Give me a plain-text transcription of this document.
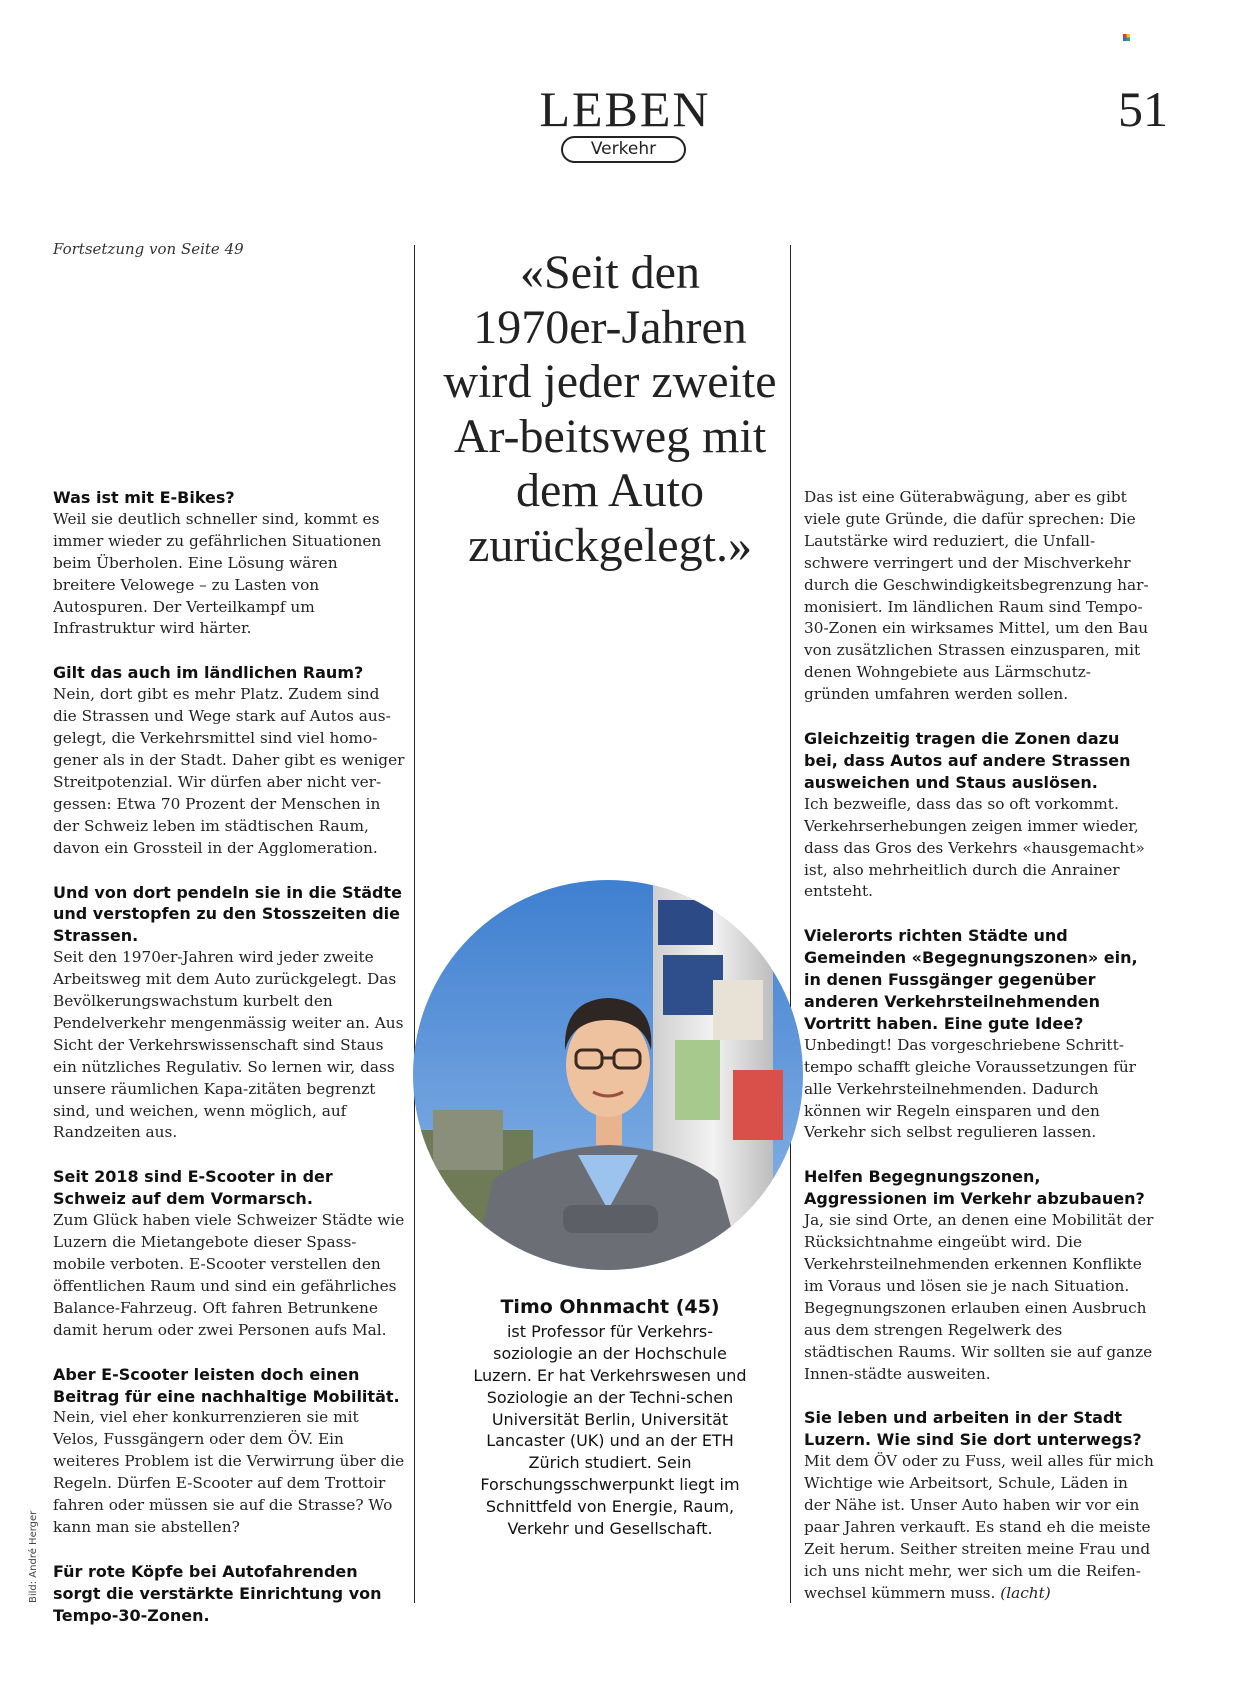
LEBEN
Verkehr
51
Fortsetzung von Seite 49

Was ist mit E-Bikes?

Weil sie deutlich schneller sind, kommt es immer wieder zu gefährlichen Situationen beim Überholen. Eine Lösung wären breitere Velowege – zu Lasten von Autospuren. Der Verteilkampf um Infrastruktur wird härter.

Gilt das auch im ländlichen Raum?

Nein, dort gibt es mehr Platz. Zudem sind die Strassen und Wege stark auf Autos aus-gelegt, die Verkehrsmittel sind viel homo-gener als in der Stadt. Daher gibt es weniger Streitpotenzial. Wir dürfen aber nicht ver-gessen: Etwa 70 Prozent der Menschen in der Schweiz leben im städtischen Raum, davon ein Grossteil in der Agglomeration.

Und von dort pendeln sie in die Städte und verstopfen zu den Stosszeiten die Strassen.

Seit den 1970er-Jahren wird jeder zweite Arbeitsweg mit dem Auto zurückgelegt. Das Bevölkerungswachstum kurbelt den Pendelverkehr mengenmässig weiter an. Aus Sicht der Verkehrswissenschaft sind Staus ein nützliches Regulativ. So lernen wir, dass unsere räumlichen Kapa-zitäten begrenzt sind, und weichen, wenn möglich, auf Randzeiten aus.

Seit 2018 sind E-Scooter in der Schweiz auf dem Vormarsch.

Zum Glück haben viele Schweizer Städte wie Luzern die Mietangebote dieser Spass-mobile verboten. E-Scooter verstellen den öffentlichen Raum und sind ein gefährliches Balance-Fahrzeug. Oft fahren Betrunkene damit herum oder zwei Personen aufs Mal.

Aber E-Scooter leisten doch einen Beitrag für eine nachhaltige Mobilität.

Nein, viel eher konkurrenzieren sie mit Velos, Fussgängern oder dem ÖV. Ein weiteres Problem ist die Verwirrung über die Regeln. Dürfen E-Scooter auf dem Trottoir fahren oder müssen sie auf die Strasse? Wo kann man sie abstellen?

Für rote Köpfe bei Autofahrenden sorgt die verstärkte Einrichtung von Tempo-30-Zonen.

«Seit den 1970er-Jahren wird jeder zweite Ar-beitsweg mit dem Auto zurückgelegt.»
Timo Ohnmacht (45)
ist Professor für Verkehrs-soziologie an der Hochschule Luzern. Er hat Verkehrswesen und Soziologie an der Techni-schen Universität Berlin, Universität Lancaster (UK) und an der ETH Zürich studiert. Sein Forschungsschwerpunkt liegt im Schnittfeld von Energie, Raum, Verkehr und Gesellschaft.

Das ist eine Güterabwägung, aber es gibt viele gute Gründe, die dafür sprechen: Die Lautstärke wird reduziert, die Unfall-schwere verringert und der Mischverkehr durch die Geschwindigkeitsbegrenzung har-monisiert. Im ländlichen Raum sind Tempo-30-Zonen ein wirksames Mittel, um den Bau von zusätzlichen Strassen einzusparen, mit denen Wohngebiete aus Lärmschutz-gründen umfahren werden sollen.

Gleichzeitig tragen die Zonen dazu bei, dass Autos auf andere Strassen ausweichen und Staus auslösen.

Ich bezweifle, dass das so oft vorkommt. Verkehrserhebungen zeigen immer wieder, dass das Gros des Verkehrs «hausgemacht» ist, also mehrheitlich durch die Anrainer entsteht.

Vielerorts richten Städte und Gemeinden «Begegnungszonen» ein, in denen Fussgänger gegenüber anderen Verkehrsteilnehmenden Vortritt haben. Eine gute Idee?

Unbedingt! Das vorgeschriebene Schritt-tempo schafft gleiche Voraussetzungen für alle Verkehrsteilnehmenden. Dadurch können wir Regeln einsparen und den Verkehr sich selbst regulieren lassen.

Helfen Begegnungszonen, Aggressionen im Verkehr abzubauen?

Ja, sie sind Orte, an denen eine Mobilität der Rücksichtnahme eingeübt wird. Die Verkehrsteilnehmenden erkennen Konflikte im Voraus und lösen sie je nach Situation. Begegnungszonen erlauben einen Ausbruch aus dem strengen Regelwerk des städtischen Raums. Wir sollten sie auf ganze Innen-städte ausweiten.

Sie leben und arbeiten in der Stadt Luzern. Wie sind Sie dort unterwegs?

Mit dem ÖV oder zu Fuss, weil alles für mich Wichtige wie Arbeitsort, Schule, Läden in der Nähe ist. Unser Auto haben wir vor ein paar Jahren verkauft. Es stand eh die meiste Zeit herum. Seither streiten meine Frau und ich uns nicht mehr, wer sich um die Reifen-wechsel kümmern muss. (lacht)

Bild: André Herger
